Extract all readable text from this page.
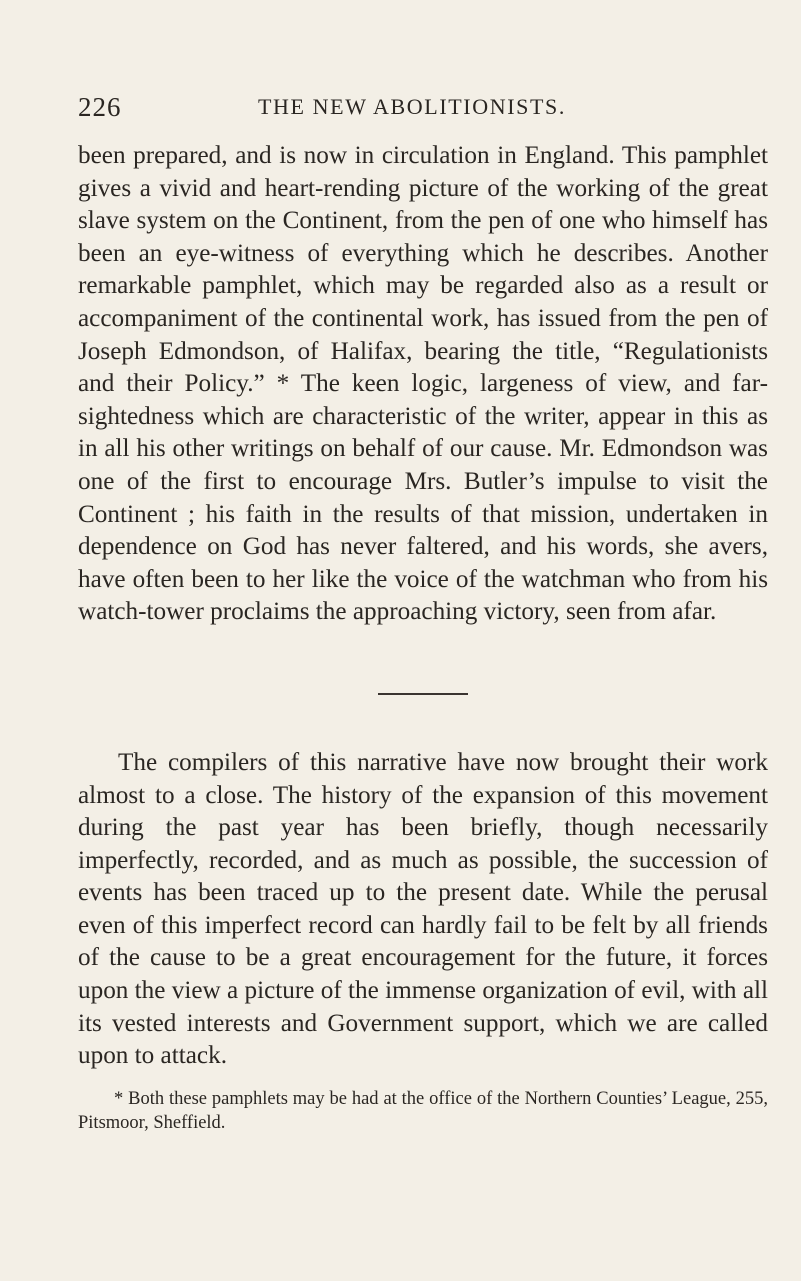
226	THE NEW ABOLITIONISTS.

been prepared, and is now in circulation in England. This pamphlet gives a vivid and heart-rending picture of the working of the great slave system on the Continent, from the pen of one who himself has been an eye-witness of everything which he describes. Another remarkable pamphlet, which may be regarded also as a result or accompaniment of the continental work, has issued from the pen of Joseph Edmondson, of Halifax, bearing the title, “Regulationists and their Policy.” * The keen logic, largeness of view, and far-sightedness which are characteristic of the writer, appear in this as in all his other writings on behalf of our cause. Mr. Edmondson was one of the first to encourage Mrs. Butler’s impulse to visit the Continent ; his faith in the results of that mission, undertaken in dependence on God has never faltered, and his words, she avers, have often been to her like the voice of the watchman who from his watch-tower proclaims the approaching victory, seen from afar.

The compilers of this narrative have now brought their work almost to a close. The history of the expansion of this movement during the past year has been briefly, though necessarily imperfectly, recorded, and as much as possible, the succession of events has been traced up to the present date. While the perusal even of this imperfect record can hardly fail to be felt by all friends of the cause to be a great encouragement for the future, it forces upon the view a picture of the immense organization of evil, with all its vested interests and Government support, which we are called upon to attack.

* Both these pamphlets may be had at the office of the Northern Counties’ League, 255, Pitsmoor, Sheffield.
